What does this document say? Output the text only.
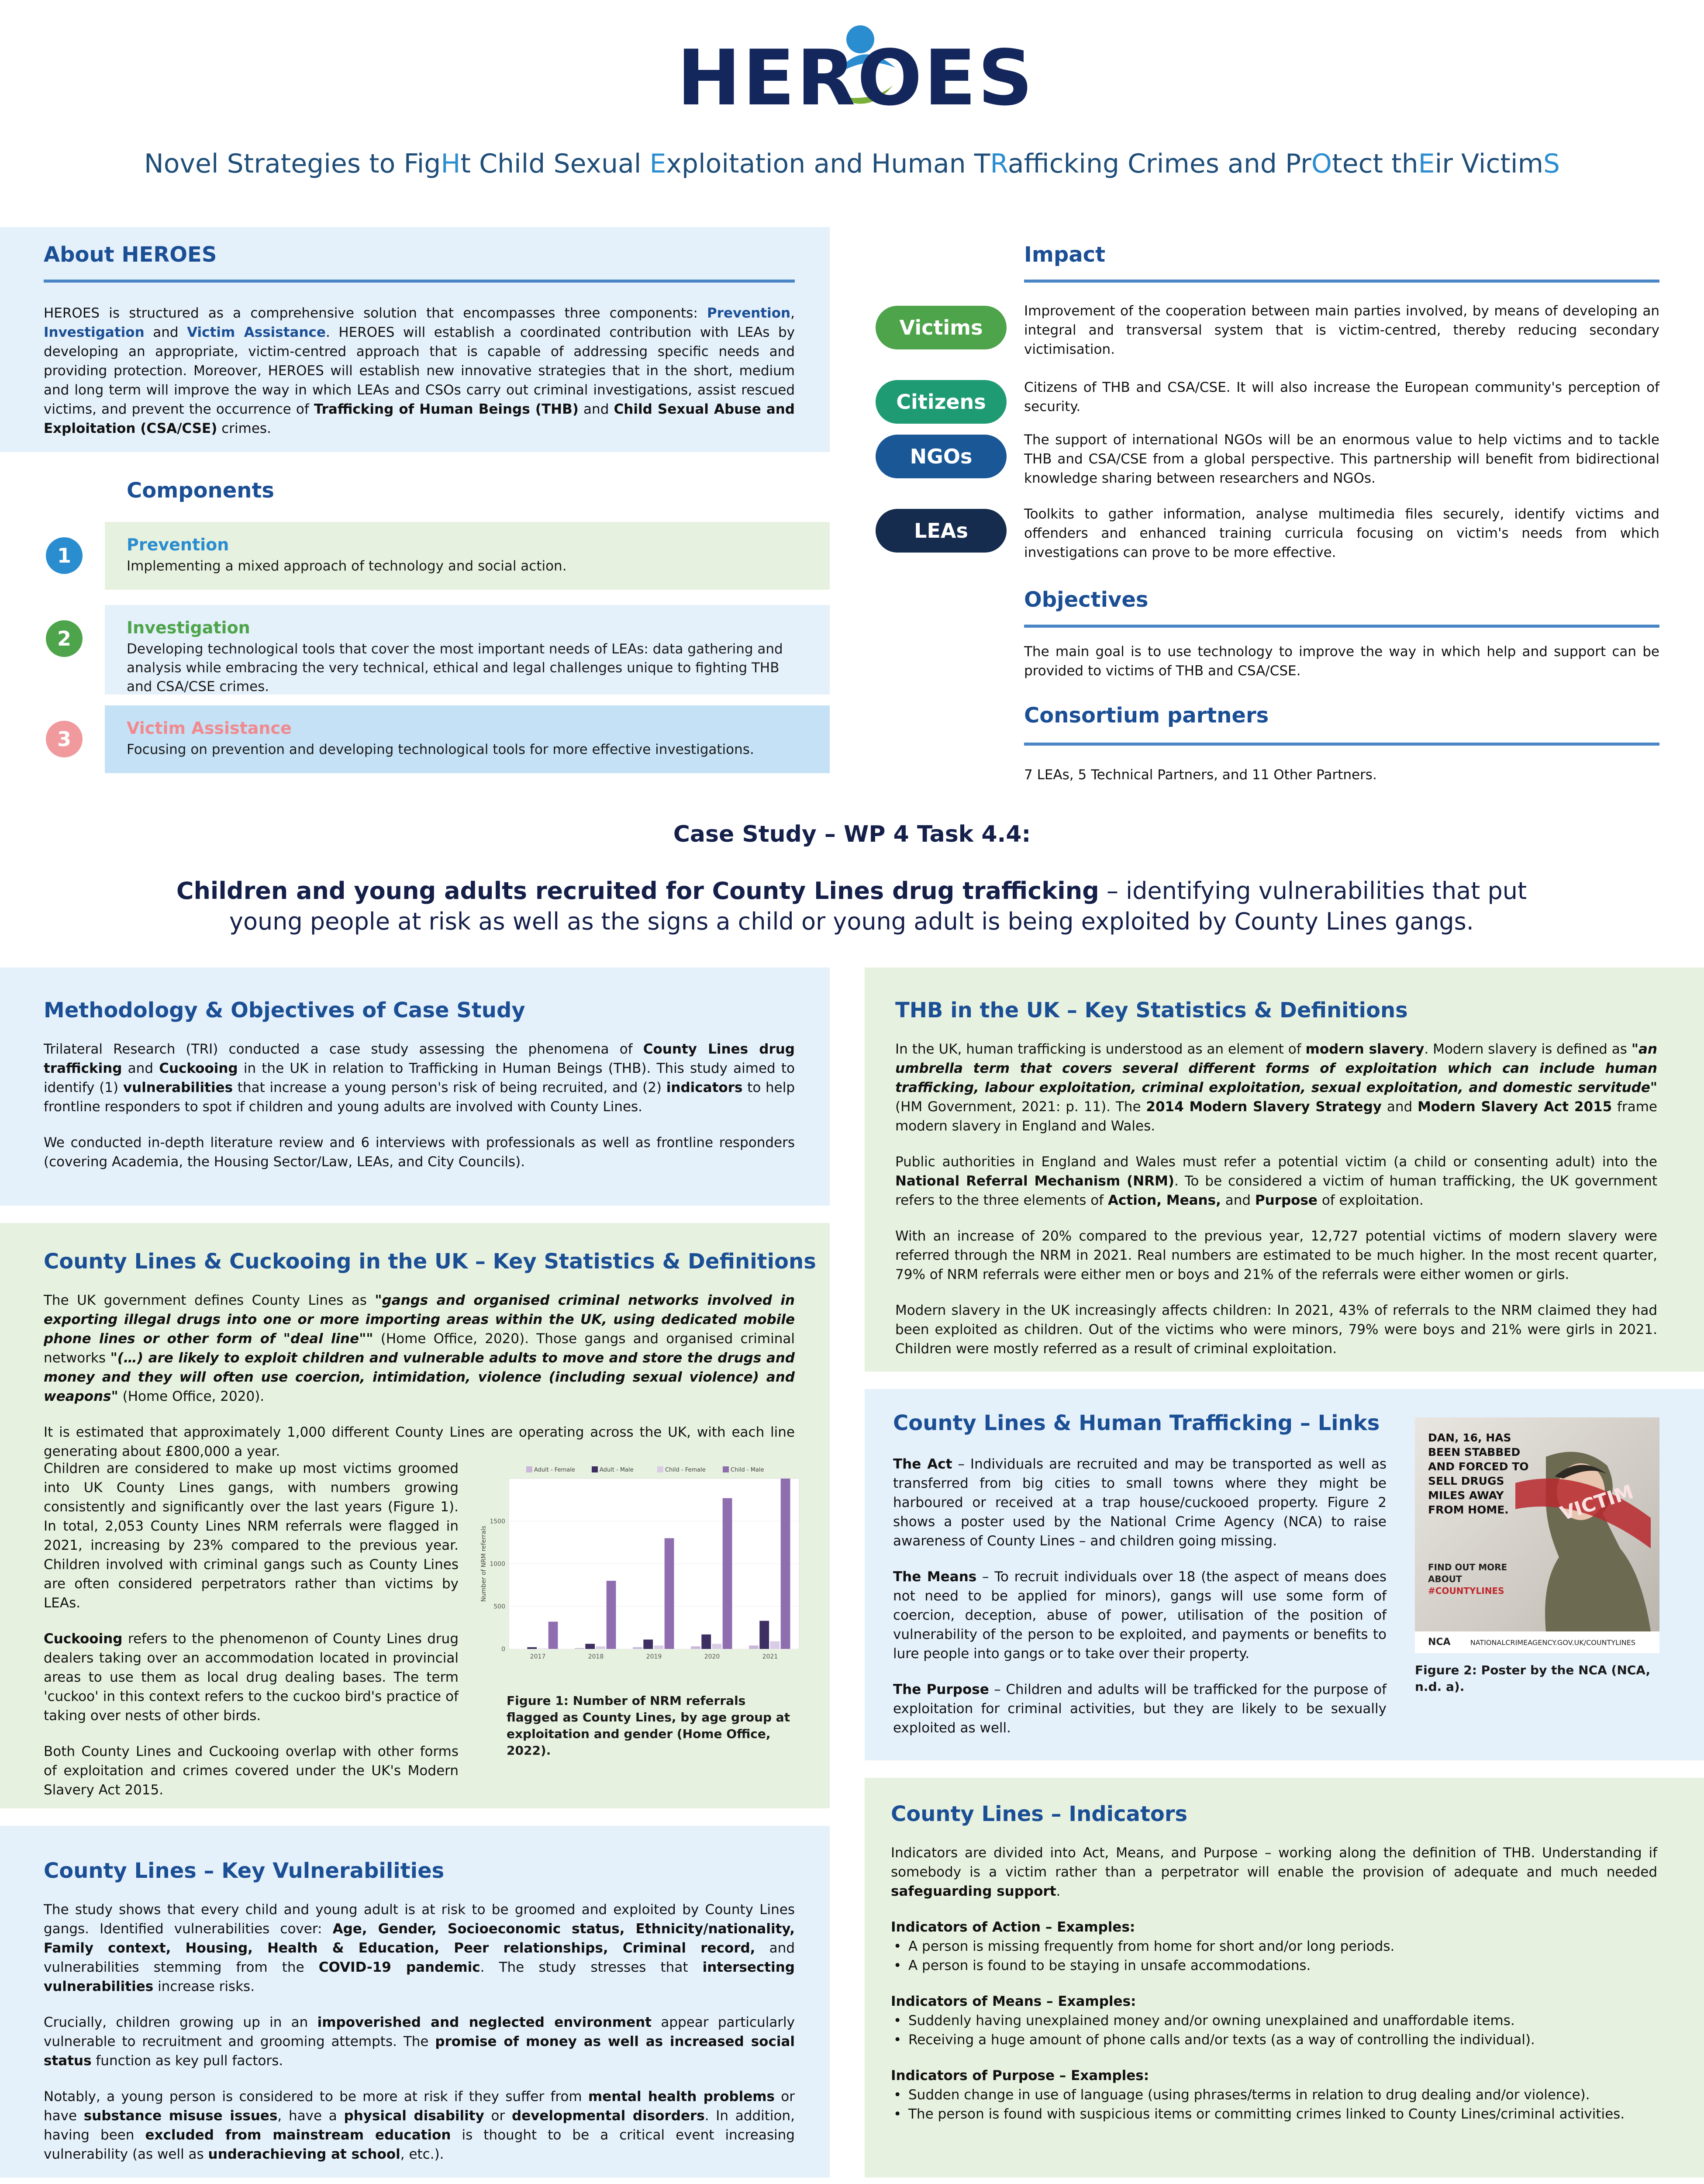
HEROES
Novel Strategies to FigHt Child Sexual Exploitation and Human TRafficking Crimes and PrOtect thEir VictimS
About HEROES
HEROES is structured as a comprehensive solution that encompasses three components: Prevention, Investigation and Victim Assistance. HEROES will establish a coordinated contribution with LEAs by developing an appropriate, victim-centred approach that is capable of addressing specific needs and providing protection. Moreover, HEROES will establish new innovative strategies that in the short, medium and long term will improve the way in which LEAs and CSOs carry out criminal investigations, assist rescued victims, and prevent the occurrence of Trafficking of Human Beings (THB) and Child Sexual Abuse and Exploitation (CSA/CSE) crimes.
Components
1	Prevention
Implementing a mixed approach of technology and social action.
2	Investigation
Developing technological tools that cover the most important needs of LEAs: data gathering and analysis while embracing the very technical, ethical and legal challenges unique to fighting THB and CSA/CSE crimes.
3	Victim Assistance
Focusing on prevention and developing technological tools for more effective investigations.
Impact
Victims
Improvement of the cooperation between main parties involved, by means of developing an integral and transversal system that is victim-centred, thereby reducing secondary victimisation.
Citizens
Citizens of THB and CSA/CSE. It will also increase the European community's perception of security.
NGOs
The support of international NGOs will be an enormous value to help victims and to tackle THB and CSA/CSE from a global perspective. This partnership will benefit from bidirectional knowledge sharing between researchers and NGOs.
LEAs
Toolkits to gather information, analyse multimedia files securely, identify victims and offenders and enhanced training curricula focusing on victim's needs from which investigations can prove to be more effective.
Objectives
The main goal is to use technology to improve the way in which help and support can be provided to victims of THB and CSA/CSE.
Consortium partners
7 LEAs, 5 Technical Partners, and 11 Other Partners.
Case Study – WP 4 Task 4.4:
Children and young adults recruited for County Lines drug trafficking – identifying vulnerabilities that put young people at risk as well as the signs a child or young adult is being exploited by County Lines gangs.
Methodology & Objectives of Case Study

Trilateral Research (TRI) conducted a case study assessing the phenomena of County Lines drug trafficking and Cuckooing in the UK in relation to Trafficking in Human Beings (THB). This study aimed to identify (1) vulnerabilities that increase a young person's risk of being recruited, and (2) indicators to help frontline responders to spot if children and young adults are involved with County Lines.

We conducted in-depth literature review and 6 interviews with professionals as well as frontline responders (covering Academia, the Housing Sector/Law, LEAs, and City Councils).

County Lines & Cuckooing in the UK – Key Statistics & Definitions

The UK government defines County Lines as "gangs and organised criminal networks involved in exporting illegal drugs into one or more importing areas within the UK, using dedicated mobile phone lines or other form of "deal line"" (Home Office, 2020). Those gangs and organised criminal networks "(…) are likely to exploit children and vulnerable adults to move and store the drugs and money and they will often use coercion, intimidation, violence (including sexual violence) and weapons" (Home Office, 2020).

It is estimated that approximately 1,000 different County Lines are operating across the UK, with each line generating about £800,000 a year.

Children are considered to make up most victims groomed into UK County Lines gangs, with numbers growing consistently and significantly over the last years (Figure 1). In total, 2,053 County Lines NRM referrals were flagged in 2021, increasing by 23% compared to the previous year. Children involved with criminal gangs such as County Lines are often considered perpetrators rather than victims by LEAs.

Cuckooing refers to the phenomenon of County Lines drug dealers taking over an accommodation located in provincial areas to use them as local drug dealing bases. The term 'cuckoo' in this context refers to the cuckoo bird's practice of taking over nests of other birds.

Both County Lines and Cuckooing overlap with other forms of exploitation and crimes covered under the UK's Modern Slavery Act 2015.

0
500
1000
1500
Number of NRM referrals
2017	2018	2019	2020	2021
Adult - Female	Adult - Male	Child - Female	Child - Male
Figure 1: Number of NRM referrals flagged as County Lines, by age group at exploitation and gender (Home Office, 2022).
County Lines – Key Vulnerabilities

The study shows that every child and young adult is at risk to be groomed and exploited by County Lines gangs. Identified vulnerabilities cover: Age, Gender, Socioeconomic status, Ethnicity/nationality, Family context, Housing, Health & Education, Peer relationships, Criminal record, and vulnerabilities stemming from the COVID-19 pandemic. The study stresses that intersecting vulnerabilities increase risks.

Crucially, children growing up in an impoverished and neglected environment appear particularly vulnerable to recruitment and grooming attempts. The promise of money as well as increased social status function as key pull factors.

Notably, a young person is considered to be more at risk if they suffer from mental health problems or have substance misuse issues, have a physical disability or developmental disorders. In addition, having been excluded from mainstream education is thought to be a critical event increasing vulnerability (as well as underachieving at school, etc.).

THB in the UK – Key Statistics & Definitions

In the UK, human trafficking is understood as an element of modern slavery. Modern slavery is defined as "an umbrella term that covers several different forms of exploitation which can include human trafficking, labour exploitation, criminal exploitation, sexual exploitation, and domestic servitude" (HM Government, 2021: p. 11). The 2014 Modern Slavery Strategy and Modern Slavery Act 2015 frame modern slavery in England and Wales.

Public authorities in England and Wales must refer a potential victim (a child or consenting adult) into the National Referral Mechanism (NRM). To be considered a victim of human trafficking, the UK government refers to the three elements of Action, Means, and Purpose of exploitation.

With an increase of 20% compared to the previous year, 12,727 potential victims of modern slavery were referred through the NRM in 2021. Real numbers are estimated to be much higher. In the most recent quarter, 79% of NRM referrals were either men or boys and 21% of the referrals were either women or girls.

Modern slavery in the UK increasingly affects children: In 2021, 43% of referrals to the NRM claimed they had been exploited as children. Out of the victims who were minors, 79% were boys and 21% were girls in 2021. Children were mostly referred as a result of criminal exploitation.

County Lines & Human Trafficking – Links

The Act – Individuals are recruited and may be transported as well as transferred from big cities to small towns where they might be harboured or received at a trap house/cuckooed property. Figure 2 shows a poster used by the National Crime Agency (NCA) to raise awareness of County Lines – and children going missing.

The Means – To recruit individuals over 18 (the aspect of means does not need to be applied for minors), gangs will use some form of coercion, deception, abuse of power, utilisation of the position of vulnerability of the person to be exploited, and payments or benefits to lure people into gangs or to take over their property.

The Purpose – Children and adults will be trafficked for the purpose of exploitation for criminal activities, but they are likely to be sexually exploited as well.

VICTIM
DAN, 16, HAS BEEN STABBED AND FORCED TO SELL DRUGS MILES AWAY FROM HOME.
FIND OUT MORE ABOUT
#COUNTYLINES
NCA	NATIONALCRIMEAGENCY.GOV.UK/COUNTYLINES
Figure 2: Poster by the NCA (NCA, n.d. a).
County Lines – Indicators

Indicators are divided into Act, Means, and Purpose – working along the definition of THB. Understanding if somebody is a victim rather than a perpetrator will enable the provision of adequate and much needed safeguarding support.

Indicators of Action – Examples:
• A person is missing frequently from home for short and/or long periods.
• A person is found to be staying in unsafe accommodations.
Indicators of Means – Examples:
• Suddenly having unexplained money and/or owning unexplained and unaffordable items.
• Receiving a huge amount of phone calls and/or texts (as a way of controlling the individual).
Indicators of Purpose – Examples:
• Sudden change in use of language (using phrases/terms in relation to drug dealing and/or violence).
• The person is found with suspicious items or committing crimes linked to County Lines/criminal activities.
